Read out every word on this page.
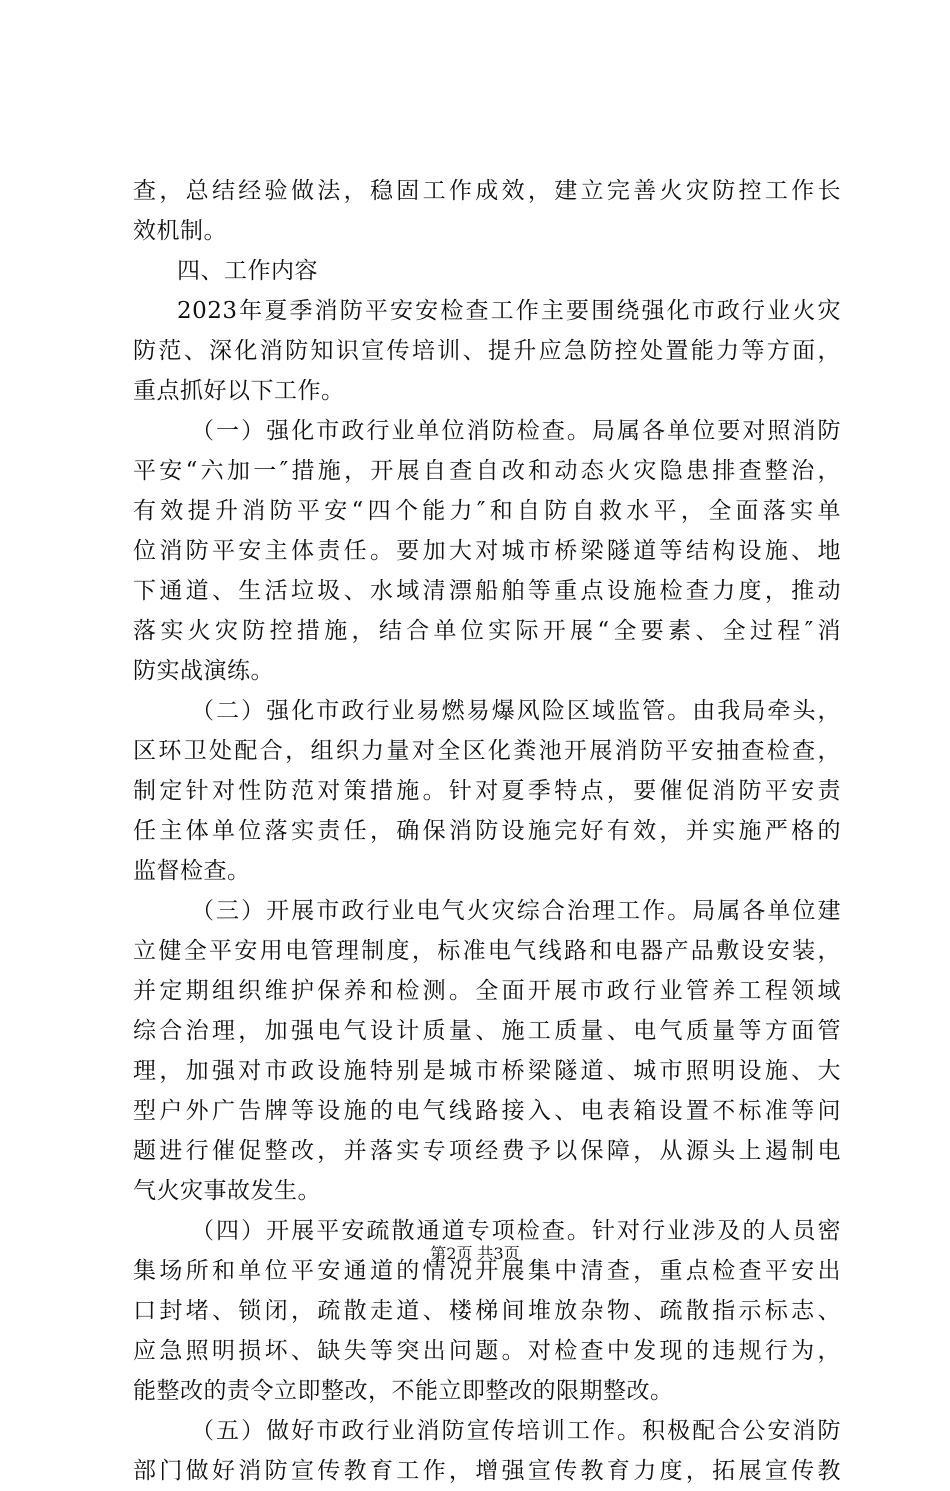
查，总结经验做法，稳固工作成效，建立完善火灾防控工作长
效机制。
四、工作内容
2023年夏季消防平安安检查工作主要围绕强化市政行业火灾
防范、深化消防知识宣传培训、提升应急防控处置能力等方面，
重点抓好以下工作。
（一）强化市政行业单位消防检查。局属各单位要对照消防
平安“六加一″措施，开展自查自改和动态火灾隐患排查整治，
有效提升消防平安“四个能力″和自防自救水平，全面落实单
位消防平安主体责任。要加大对城市桥梁隧道等结构设施、地
下通道、生活垃圾、水域清漂船舶等重点设施检查力度，推动
落实火灾防控措施，结合单位实际开展“全要素、全过程″消
防实战演练。
（二）强化市政行业易燃易爆风险区域监管。由我局牵头，
区环卫处配合，组织力量对全区化粪池开展消防平安抽查检查，
制定针对性防范对策措施。针对夏季特点，要催促消防平安责
任主体单位落实责任，确保消防设施完好有效，并实施严格的
监督检查。
（三）开展市政行业电气火灾综合治理工作。局属各单位建
立健全平安用电管理制度，标准电气线路和电器产品敷设安装，
并定期组织维护保养和检测。全面开展市政行业管养工程领域
综合治理，加强电气设计质量、施工质量、电气质量等方面管
理，加强对市政设施特别是城市桥梁隧道、城市照明设施、大
型户外广告牌等设施的电气线路接入、电表箱设置不标准等问
题进行催促整改，并落实专项经费予以保障，从源头上遏制电
气火灾事故发生。
（四）开展平安疏散通道专项检查。针对行业涉及的人员密
集场所和单位平安通道的情况开展集中清查，重点检查平安出
口封堵、锁闭，疏散走道、楼梯间堆放杂物、疏散指示标志、
应急照明损坏、缺失等突出问题。对检查中发现的违规行为，
能整改的责令立即整改，不能立即整改的限期整改。
（五）做好市政行业消防宣传培训工作。积极配合公安消防
部门做好消防宣传教育工作，增强宣传教育力度，拓展宣传教
第2页 共3页
